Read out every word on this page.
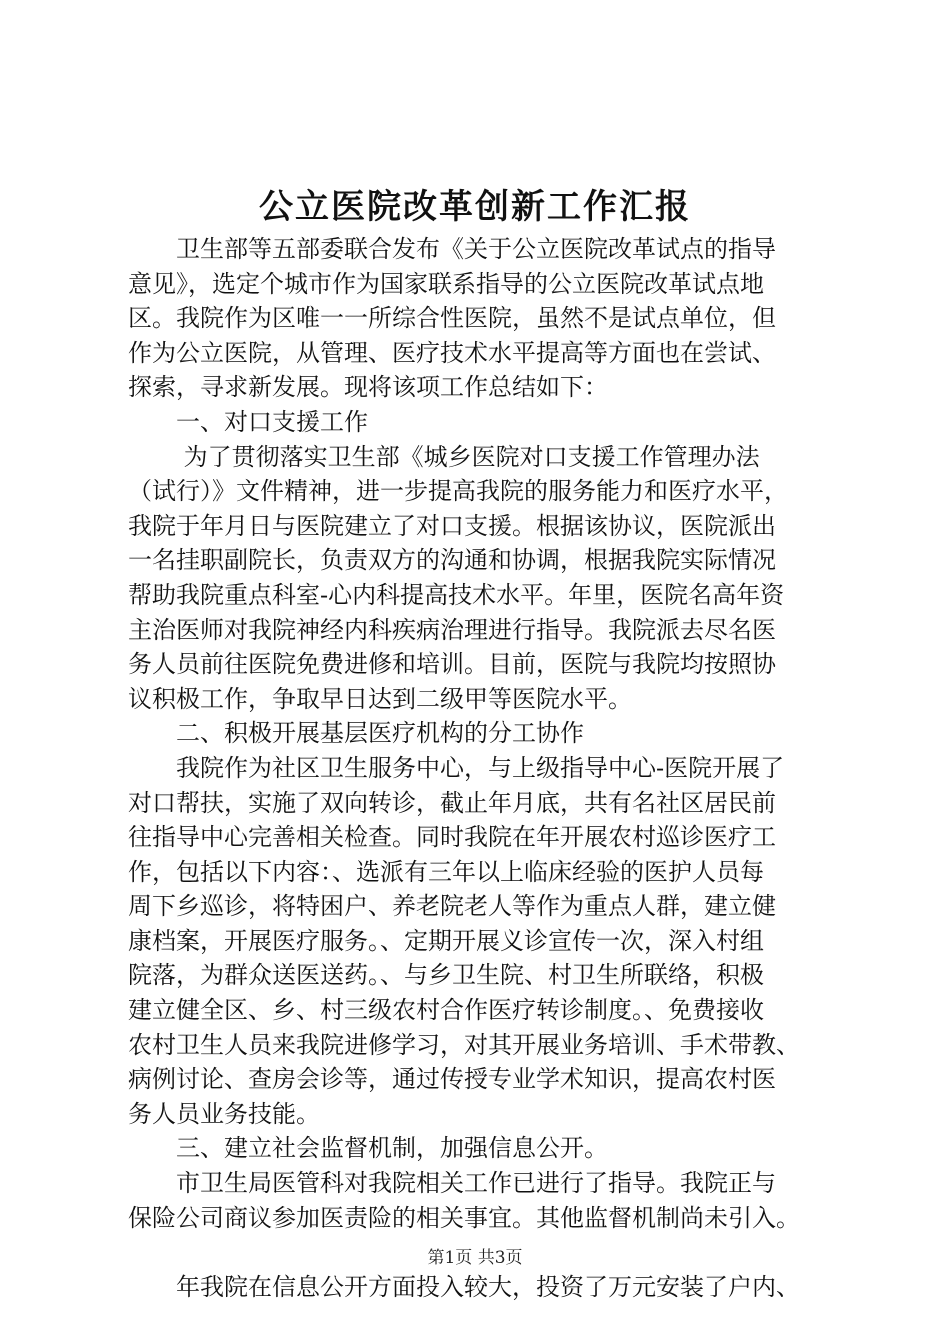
公立医院改革创新工作汇报
　　卫生部等五部委联合发布《关于公立医院改革试点的指导
意见》，选定个城市作为国家联系指导的公立医院改革试点地
区。我院作为区唯一一所综合性医院，虽然不是试点单位，但
作为公立医院，从管理、医疗技术水平提高等方面也在尝试、
探索，寻求新发展。现将该项工作总结如下：
　　一、对口支援工作
　　 为了贯彻落实卫生部《城乡医院对口支援工作管理办法
（试行）》文件精神，进一步提高我院的服务能力和医疗水平，
我院于年月日与医院建立了对口支援。根据该协议，医院派出
一名挂职副院长，负责双方的沟通和协调，根据我院实际情况
帮助我院重点科室-心内科提高技术水平。年里，医院名高年资
主治医师对我院神经内科疾病治理进行指导。我院派去尽名医
务人员前往医院免费进修和培训。目前，医院与我院均按照协
议积极工作，争取早日达到二级甲等医院水平。
　　二、积极开展基层医疗机构的分工协作
　　我院作为社区卫生服务中心，与上级指导中心-医院开展了
对口帮扶，实施了双向转诊，截止年月底，共有名社区居民前
往指导中心完善相关检查。同时我院在年开展农村巡诊医疗工
作，包括以下内容：、选派有三年以上临床经验的医护人员每
周下乡巡诊，将特困户、养老院老人等作为重点人群，建立健
康档案，开展医疗服务。、定期开展义诊宣传一次，深入村组
院落，为群众送医送药。、与乡卫生院、村卫生所联络，积极
建立健全区、乡、村三级农村合作医疗转诊制度。、免费接收
农村卫生人员来我院进修学习，对其开展业务培训、手术带教、
病例讨论、查房会诊等，通过传授专业学术知识，提高农村医
务人员业务技能。
　　三、建立社会监督机制，加强信息公开。
　　市卫生局医管科对我院相关工作已进行了指导。我院正与
保险公司商议参加医责险的相关事宜。其他监督机制尚未引入。
　　年我院在信息公开方面投入较大，投资了万元安装了户内、
第1页 共3页
